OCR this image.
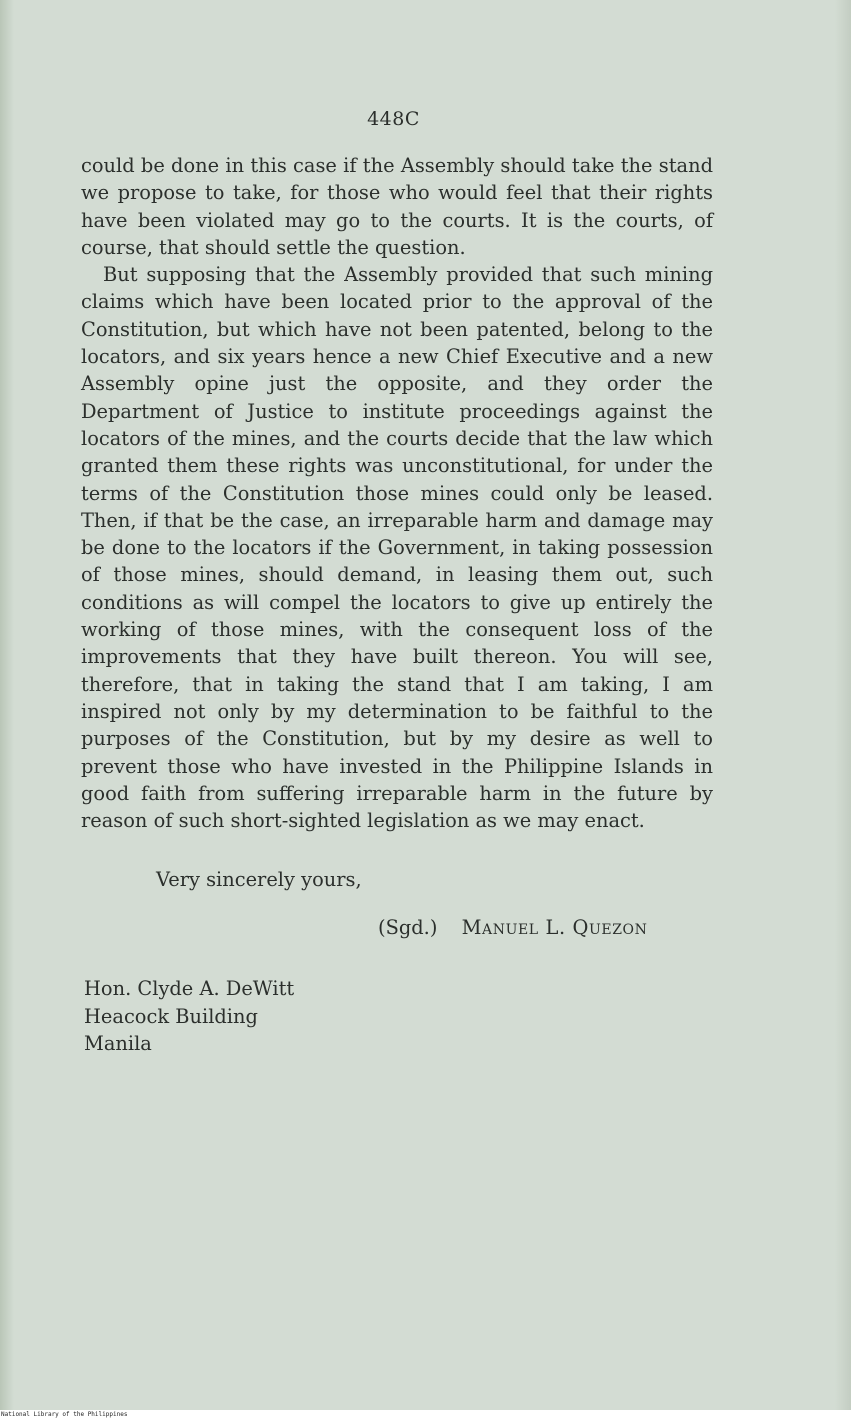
448C

could be done in this case if the Assembly should take the stand we propose to take, for those who would feel that their rights have been violated may go to the courts. It is the courts, of course, that should settle the question.

But supposing that the Assembly provided that such mining claims which have been located prior to the approval of the Constitution, but which have not been patented, belong to the locators, and six years hence a new Chief Executive and a new Assembly opine just the opposite, and they order the Department of Justice to institute proceedings against the locators of the mines, and the courts decide that the law which granted them these rights was unconstitutional, for under the terms of the Constitution those mines could only be leased. Then, if that be the case, an irreparable harm and damage may be done to the locators if the Government, in taking possession of those mines, should demand, in leasing them out, such conditions as will compel the locators to give up entirely the working of those mines, with the consequent loss of the improvements that they have built thereon. You will see, therefore, that in taking the stand that I am taking, I am inspired not only by my determination to be faithful to the purposes of the Constitution, but by my desire as well to prevent those who have invested in the Philippine Islands in good faith from suffering irreparable harm in the future by reason of such short-sighted legislation as we may enact.

Very sincerely yours,
(Sgd.) Manuel L. Quezon
Hon. Clyde A. DeWitt
Heacock Building
Manila
National Library of the Philippines
